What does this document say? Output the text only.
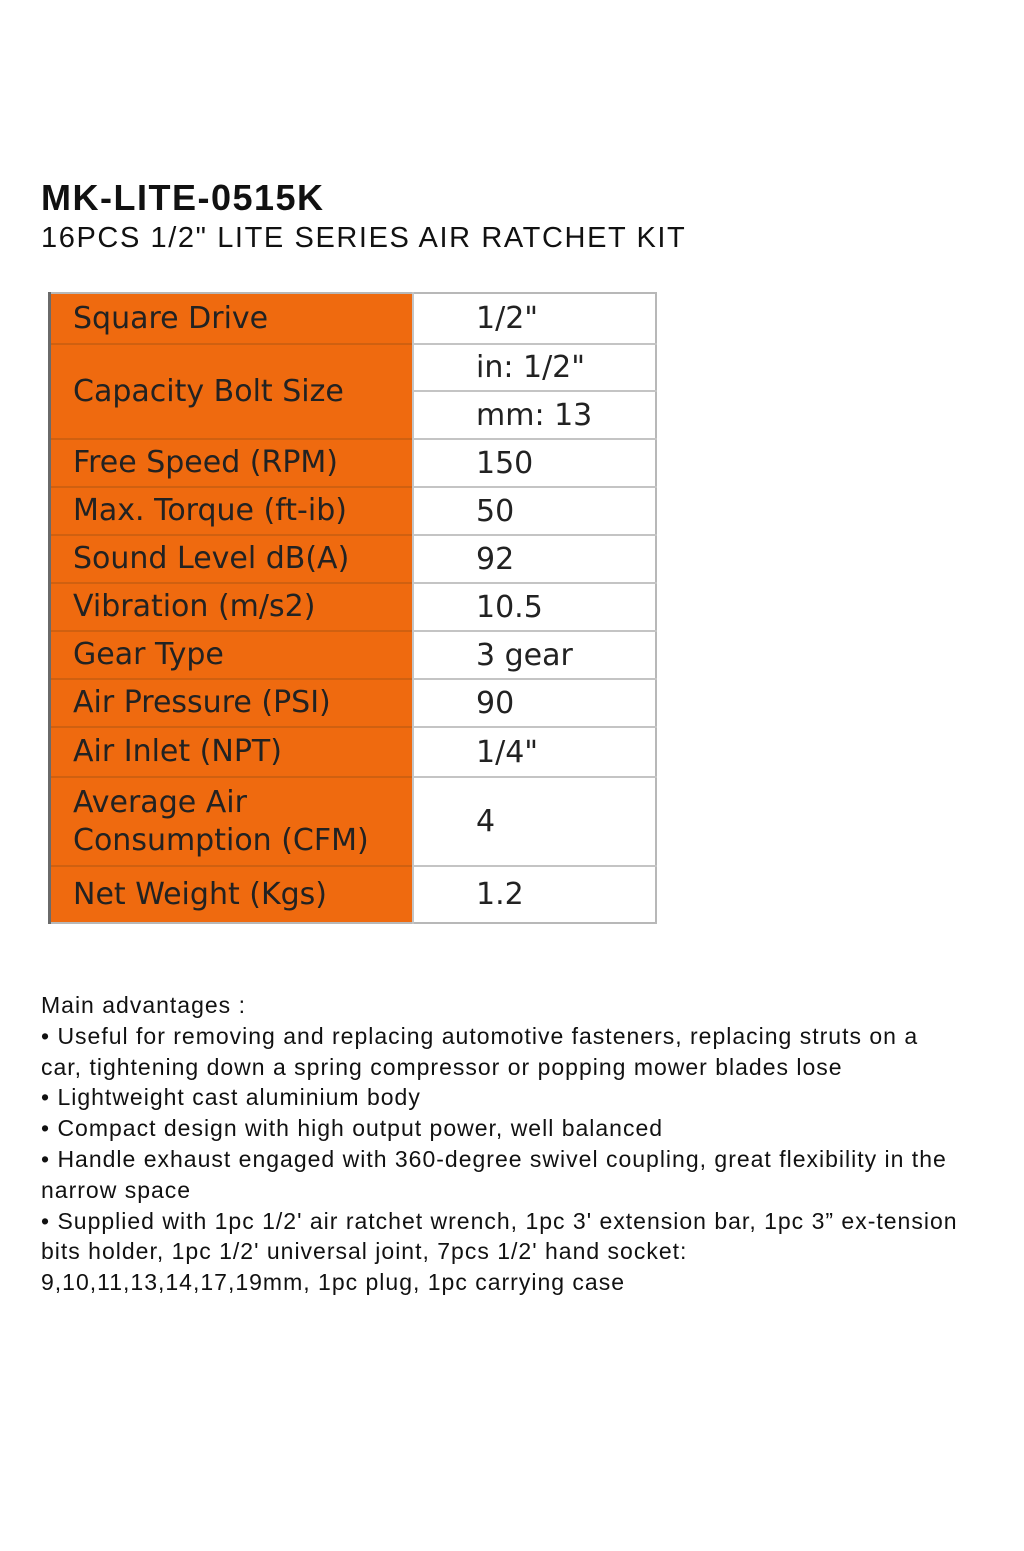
MK-LITE-0515K
16PCS 1/2" LITE SERIES AIR RATCHET KIT
Square Drive	1/2"
Capacity Bolt Size	in: 1/2"
	mm: 13
Free Speed (RPM)	150
Max. Torque (ft-ib)	50
Sound Level dB(A)	92
Vibration (m/s2)	10.5
Gear Type	3 gear
Air Pressure (PSI)	90
Air Inlet (NPT)	1/4"

Average Air
Consumption (CFM)	4
Net Weight (Kgs)	1.2

Main advantages :

• Useful for removing and replacing automotive fasteners, replacing struts on a car, tightening down a spring compressor or popping mower blades lose

• Lightweight cast aluminium body

• Compact design with high output power, well balanced

• Handle exhaust engaged with 360-degree swivel coupling, great flexibility in the narrow space

• Supplied with 1pc 1/2' air ratchet wrench, 1pc 3' extension bar, 1pc 3” ex-tension bits holder, 1pc 1/2' universal joint, 7pcs 1/2' hand socket: 9,10,11,13,14,17,19mm, 1pc plug, 1pc carrying case
